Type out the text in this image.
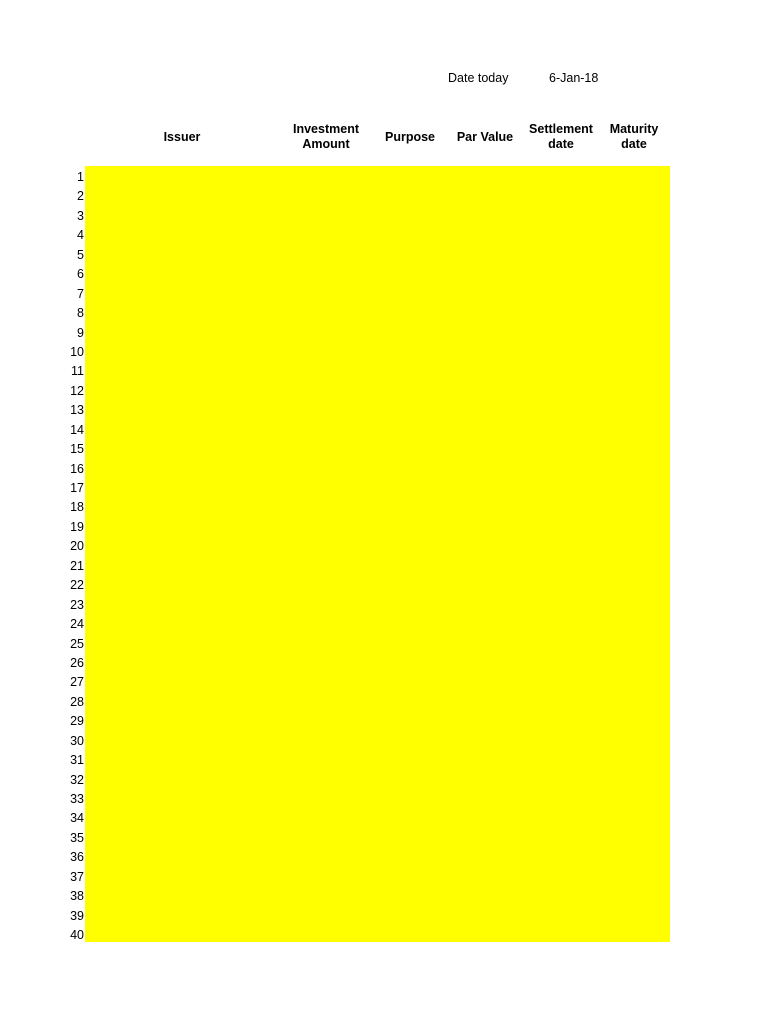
Date today	6-Jan-18
Issuer
Investment
Amount
Purpose	Par Value
Settlement
date
Maturity
date
1
2
3
4
5
6
7
8
9
10
11
12
13
14
15
16
17
18
19
20
21
22
23
24
25
26
27
28
29
30
31
32
33
34
35
36
37
38
39
40
